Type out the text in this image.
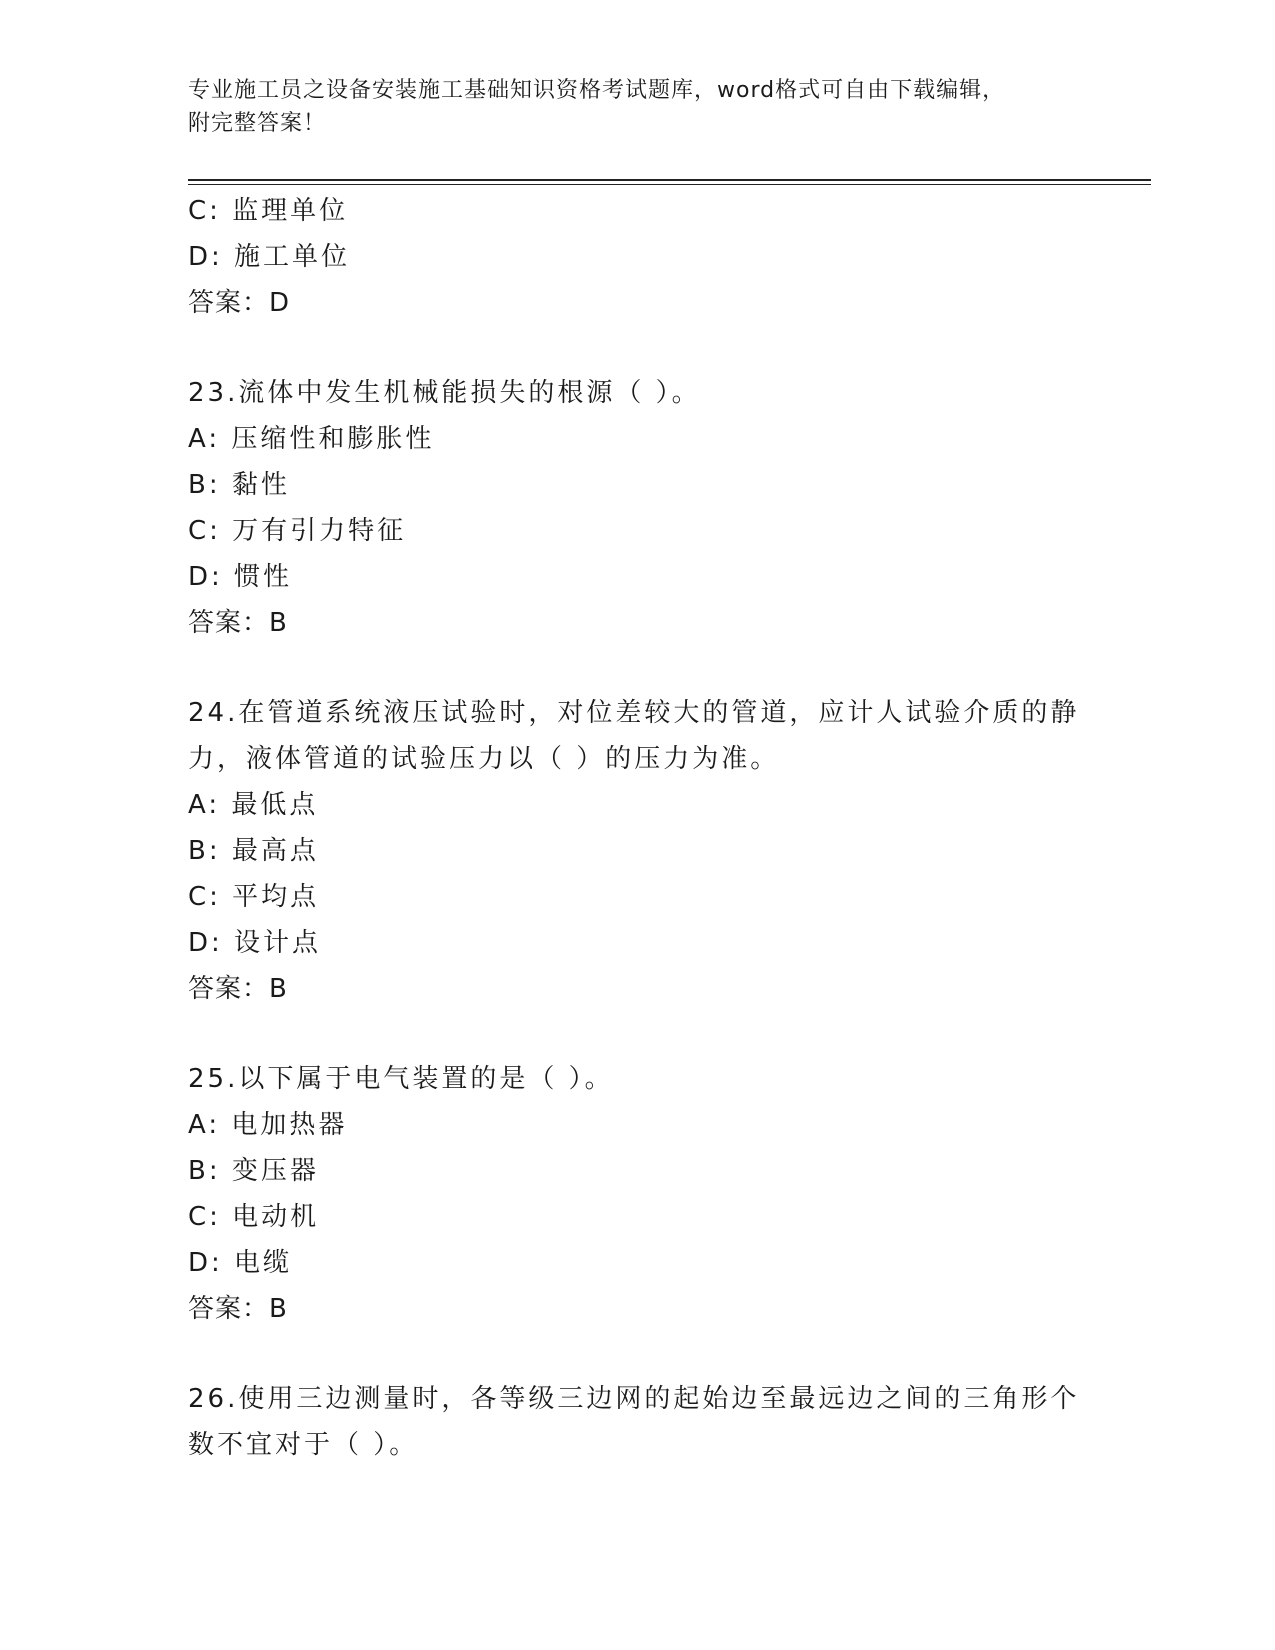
专业施工员之设备安装施工基础知识资格考试题库，word格式可自由下载编辑，
附完整答案！
C: 监理单位
D: 施工单位
答案：D
23.流体中发生机械能损失的根源（ ）。
A: 压缩性和膨胀性
B: 黏性
C: 万有引力特征
D: 惯性
答案：B
24.在管道系统液压试验时，对位差较大的管道，应计人试验介质的静
力，液体管道的试验压力以（ ）的压力为准。
A: 最低点
B: 最高点
C: 平均点
D: 设计点
答案：B
25.以下属于电气装置的是（ ）。
A: 电加热器
B: 变压器
C: 电动机
D: 电缆
答案：B
26.使用三边测量时，各等级三边网的起始边至最远边之间的三角形个
数不宜对于（ ）。
